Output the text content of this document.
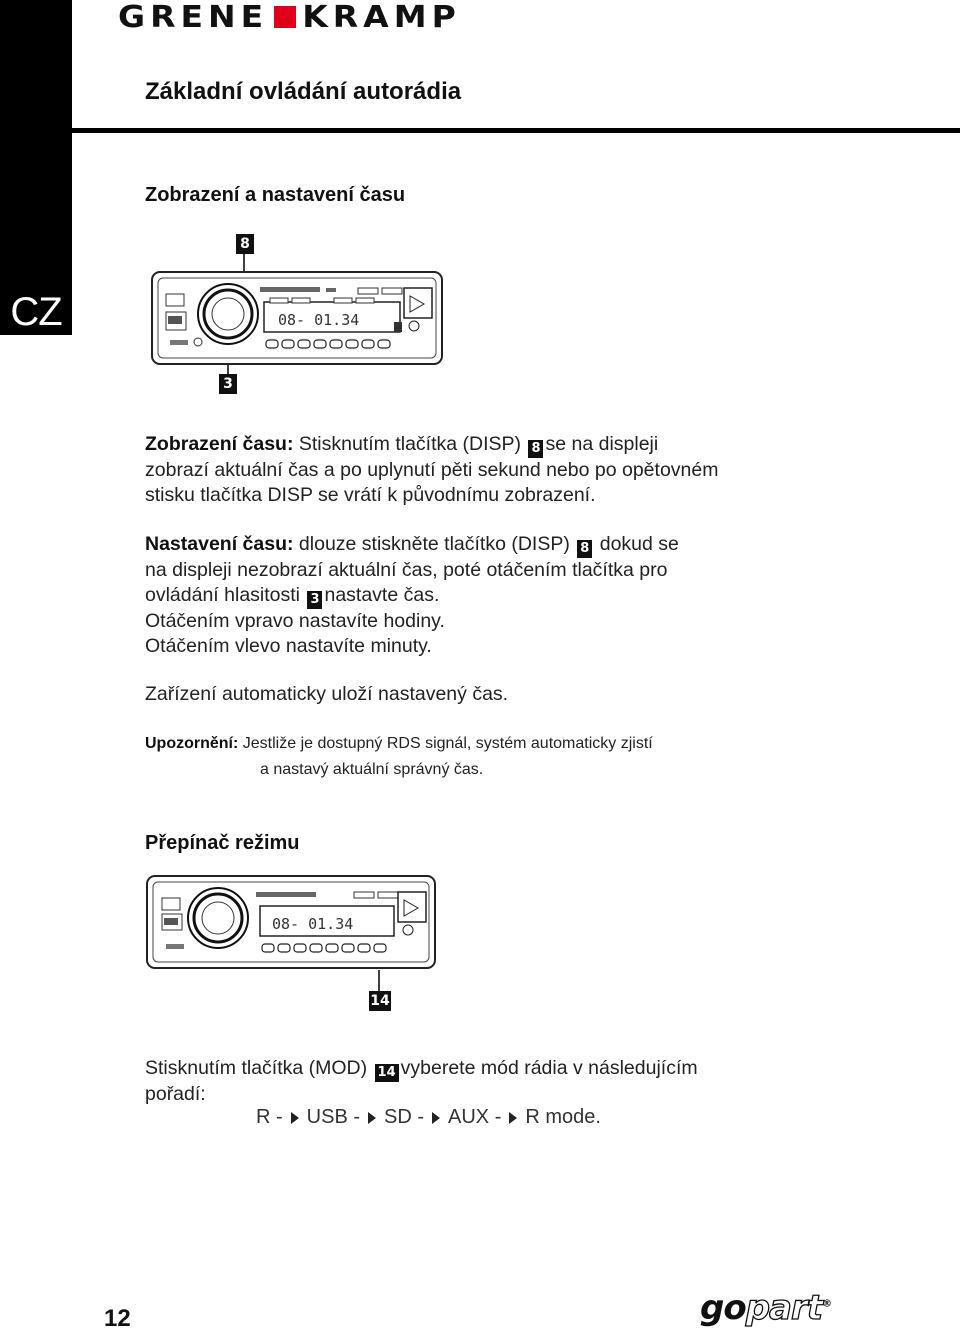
CZ
GRENE KRAMP
Základní ovládání autorádia
Zobrazení a nastavení času
08- 01.34
8
3
Zobrazení času: Stisknutím tlačítka (DISP) 8 se na displeji
zobrazí aktuální čas a po uplynutí pěti sekund nebo po opětovném
stisku tlačítka DISP se vrátí k původnímu zobrazení.
Nastavení času: dlouze stiskněte tlačítko (DISP) 8 dokud se
na displeji nezobrazí aktuální čas, poté otáčením tlačítka pro
ovládání hlasitosti 3 nastavte čas.
Otáčením vpravo nastavíte hodiny.
Otáčením vlevo nastavíte minuty.
Zařízení automaticky uloží nastavený čas.
Upozornění: Jestliže je dostupný RDS signál, systém automaticky zjistí
a nastavý aktuální správný čas.
Přepínač režimu
08- 01.34
14
Stisknutím tlačítka (MOD) 14 vyberete mód rádia v následujícím
pořadí:
R - USB - SD - AUX - R mode.
12	gopart®
